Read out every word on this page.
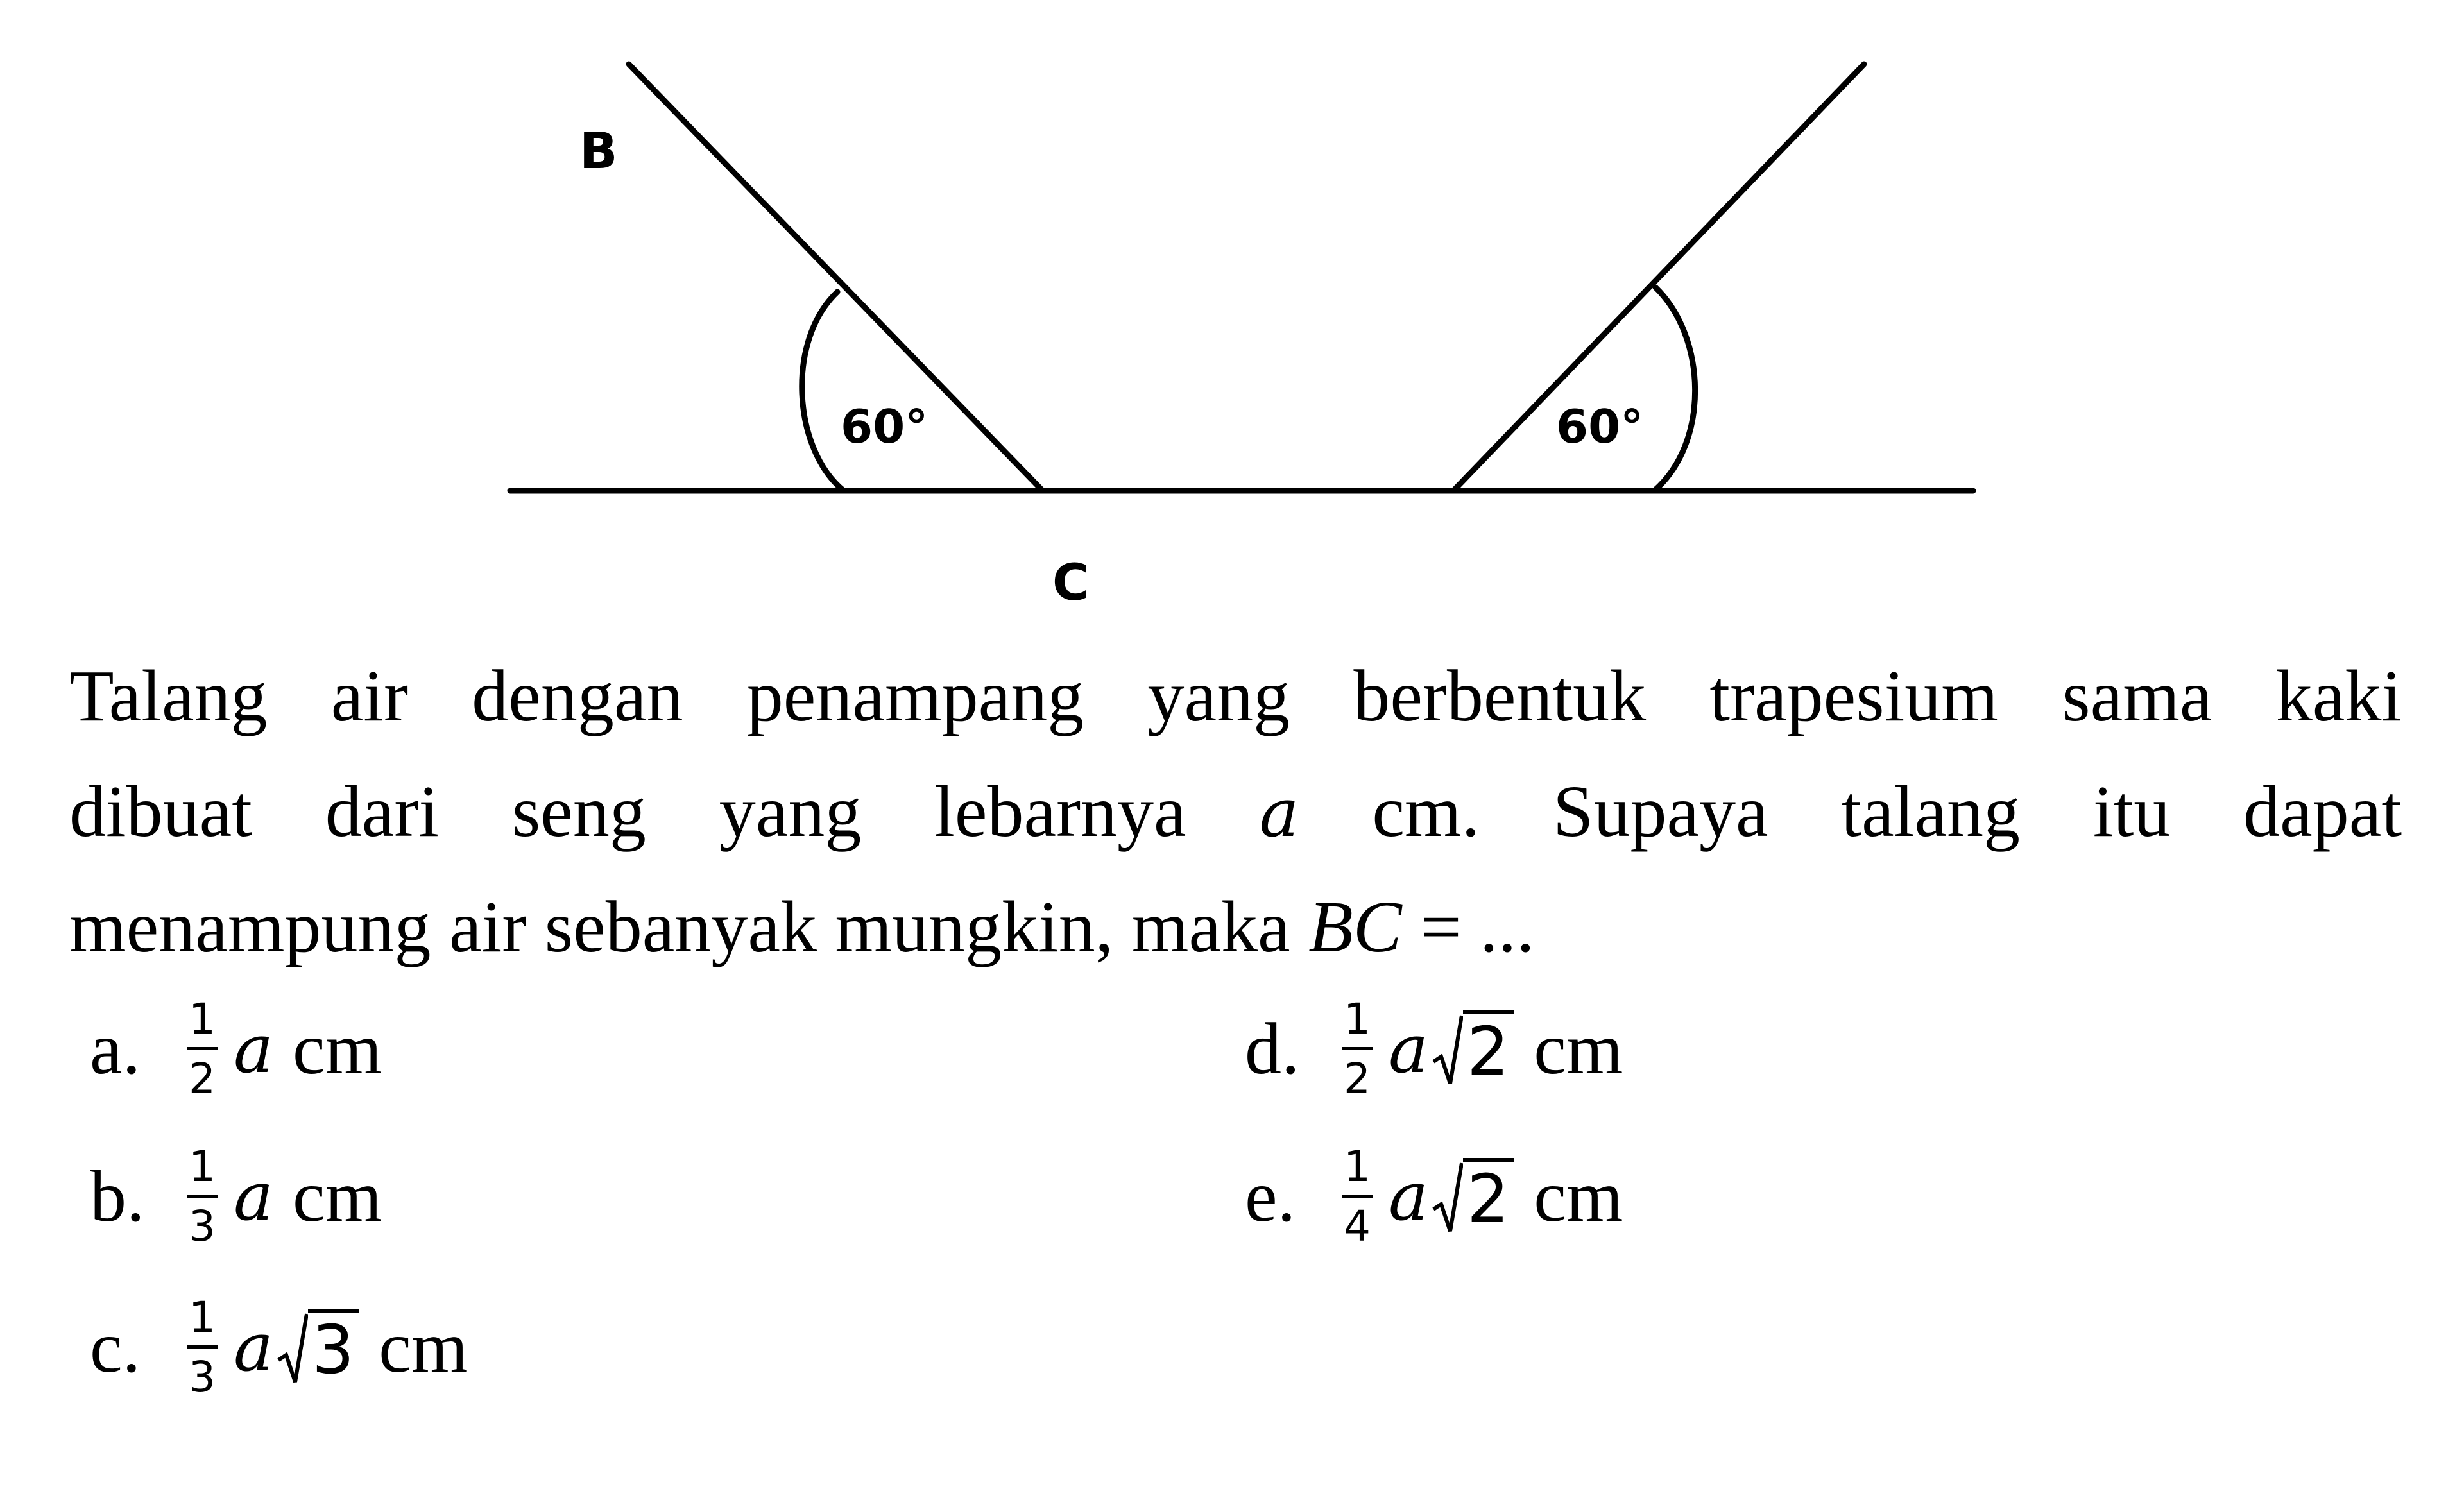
B
C
60°	60°
Talang air dengan penampang yang berbentuk trapesium sama kaki
dibuat dari seng yang lebarnya a cm. Supaya talang itu dapat
menampung air sebanyak mungkin, maka BC = ...
a.	1
2 a cm
b.	1
3 a cm
c.	1
3 a 3 cm
d.	1
2 a 2 cm
e.	1
4 a 2 cm
